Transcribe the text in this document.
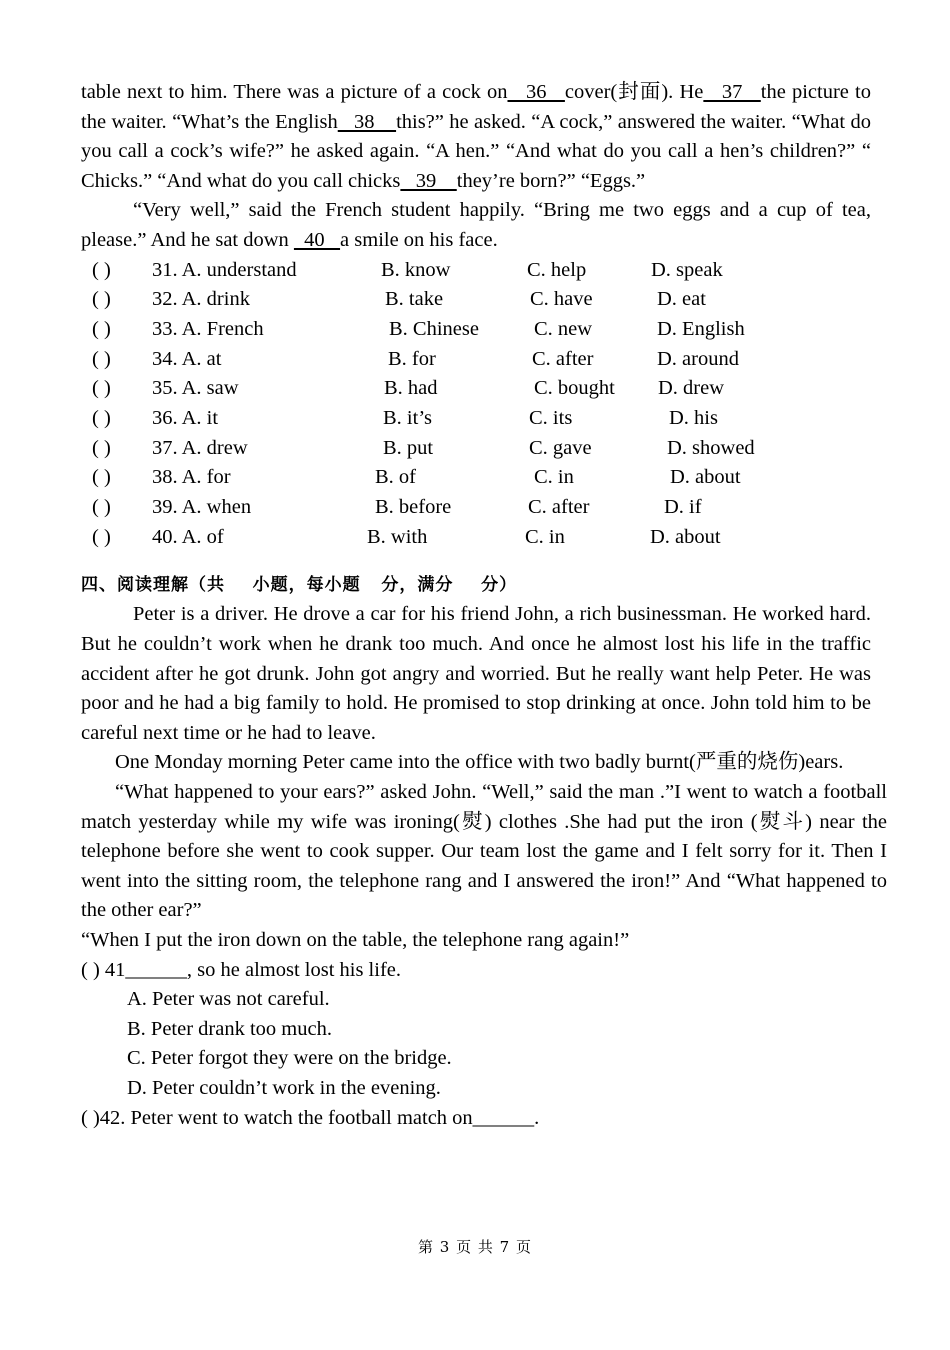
table next to him. There was a picture of a cock on   36   cover(封面). He   37   the picture to the waiter. “What’s the English   38    this?” he asked. “A cock,” answered the waiter. “What do you call a cock’s wife?” he asked again. “A hen.” “And what do you call a hen’s children?” “ Chicks.” “And what do you call chicks   39    they’re born?” “Eggs.”
“Very well,” said the French student happily. “Bring me two eggs and a cup of tea, please.” And he sat down   40   a smile on his face.
( ) 31. A. understand	B. know	C. help	D. speak
( ) 32. A. drink	B. take	C. have	D. eat
( ) 33. A. French	B. Chinese	C. new	D. English
( ) 34. A. at	B. for	C. after	D. around
( ) 35. A. saw	B. had	C. bought D. drew
( ) 36. A. it	B. it’s	C. its	D. his
( ) 37. A. drew	B. put	C. gave	D. showed
( ) 38. A. for	B. of	C. in	D. about
( ) 39. A. when	B. before	C. after	D. if
( ) 40. A. of	B. with	C. in	D. about
四、阅读理解（共    小题，每小题   分，满分    分）
Peter is a driver. He drove a car for his friend John, a rich businessman. He worked hard. But he couldn’t work when he drank too much. And once he almost lost his life in the traffic accident after he got drunk. John got angry and worried. But he really want help Peter. He was poor and he had a big family to hold. He promised to stop drinking at once. John told him to be careful next time or he had to leave.
One Monday morning Peter came into the office with two badly burnt(严重的烧伤)ears.
“What happened to your ears?” asked John. “Well,” said the man .”I went to watch a football match yesterday while my wife was ironing(熨) clothes .She had put the iron (熨斗) near the telephone before she went to cook supper. Our team lost the game and I felt sorry for it. Then I went into the sitting room, the telephone rang and I answered the iron!” And “What happened to the other ear?”
“When I put the iron down on the table, the telephone rang again!”
( ) 41______, so he almost lost his life.
A. Peter was not careful.
B. Peter drank too much.
C. Peter forgot they were on the bridge.
D. Peter couldn’t work in the evening.
( )42. Peter went to watch the football match on______.
第 3 页 共 7 页
